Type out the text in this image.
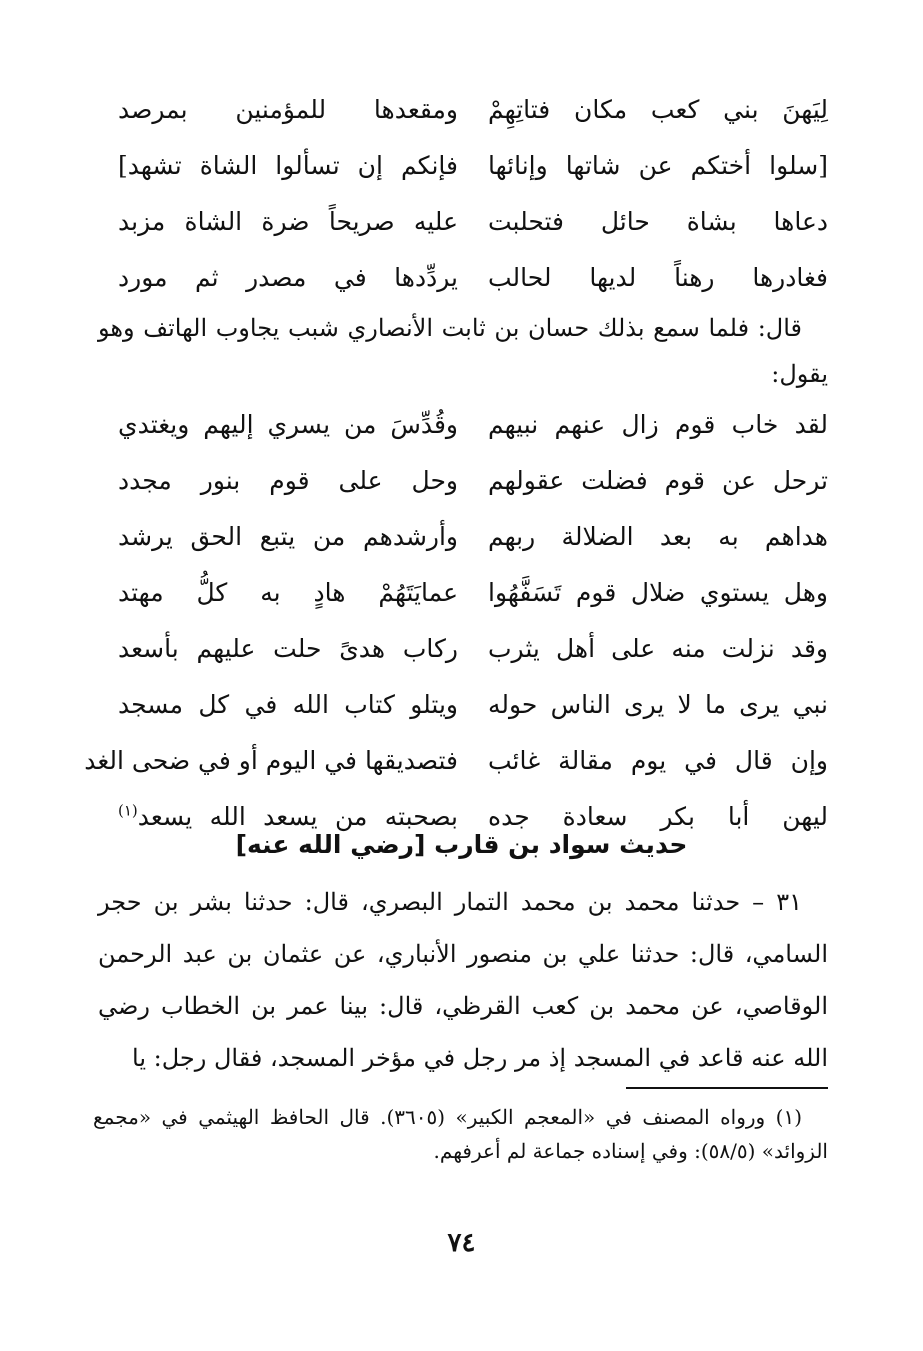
لِيَهنَ بني كعب مكان فتاتِهِمْ
ومقعدها للمؤمنين بمرصد
[سلوا أختكم عن شاتها وإنائها
فإنكم إن تسألوا الشاة تشهد]
دعاها بشاة حائل فتحلبت
عليه صريحاً ضرة الشاة مزبد
فغادرها رهناً لديها لحالب
يردِّدها في مصدر ثم مورد
قال: فلما سمع بذلك حسان بن ثابت الأنصاري شبب يجاوب الهاتف وهو يقول:
لقد خاب قوم زال عنهم نبيهم
وقُدِّسَ من يسري إليهم ويغتدي
ترحل عن قوم فضلت عقولهم
وحل على قوم بنور مجدد
هداهم به بعد الضلالة ربهم
وأرشدهم من يتبع الحق يرشد
وهل يستوي ضلال قوم تَسَفَّهُوا
عمايَتَهُمْ هادٍ به كلُّ مهتد
وقد نزلت منه على أهل يثرب
ركاب هدىً حلت عليهم بأسعد
نبي يرى ما لا يرى الناس حوله
ويتلو كتاب الله في كل مسجد
وإن قال في يوم مقالة غائب
فتصديقها في اليوم أو في ضحى الغد
ليهن أبا بكر سعادة جده
بصحبته من يسعد الله يسعد$^{(١)}$
حديث سواد بن قارب [رضي الله عنه]
٣١ – حدثنا محمد بن محمد التمار البصري، قال: حدثنا بشر بن حجر السامي، قال: حدثنا علي بن منصور الأنباري، عن عثمان بن عبد الرحمن الوقاصي، عن محمد بن كعب القرظي، قال: بينا عمر بن الخطاب رضي الله عنه قاعد في المسجد إذ مر رجل في مؤخر المسجد، فقال رجل: يا
(١) ورواه المصنف في «المعجم الكبير» (٣٦٠٥). قال الحافظ الهيثمي في «مجمع الزوائد» (٥٨/٥): وفي إسناده جماعة لم أعرفهم.
٧٤
